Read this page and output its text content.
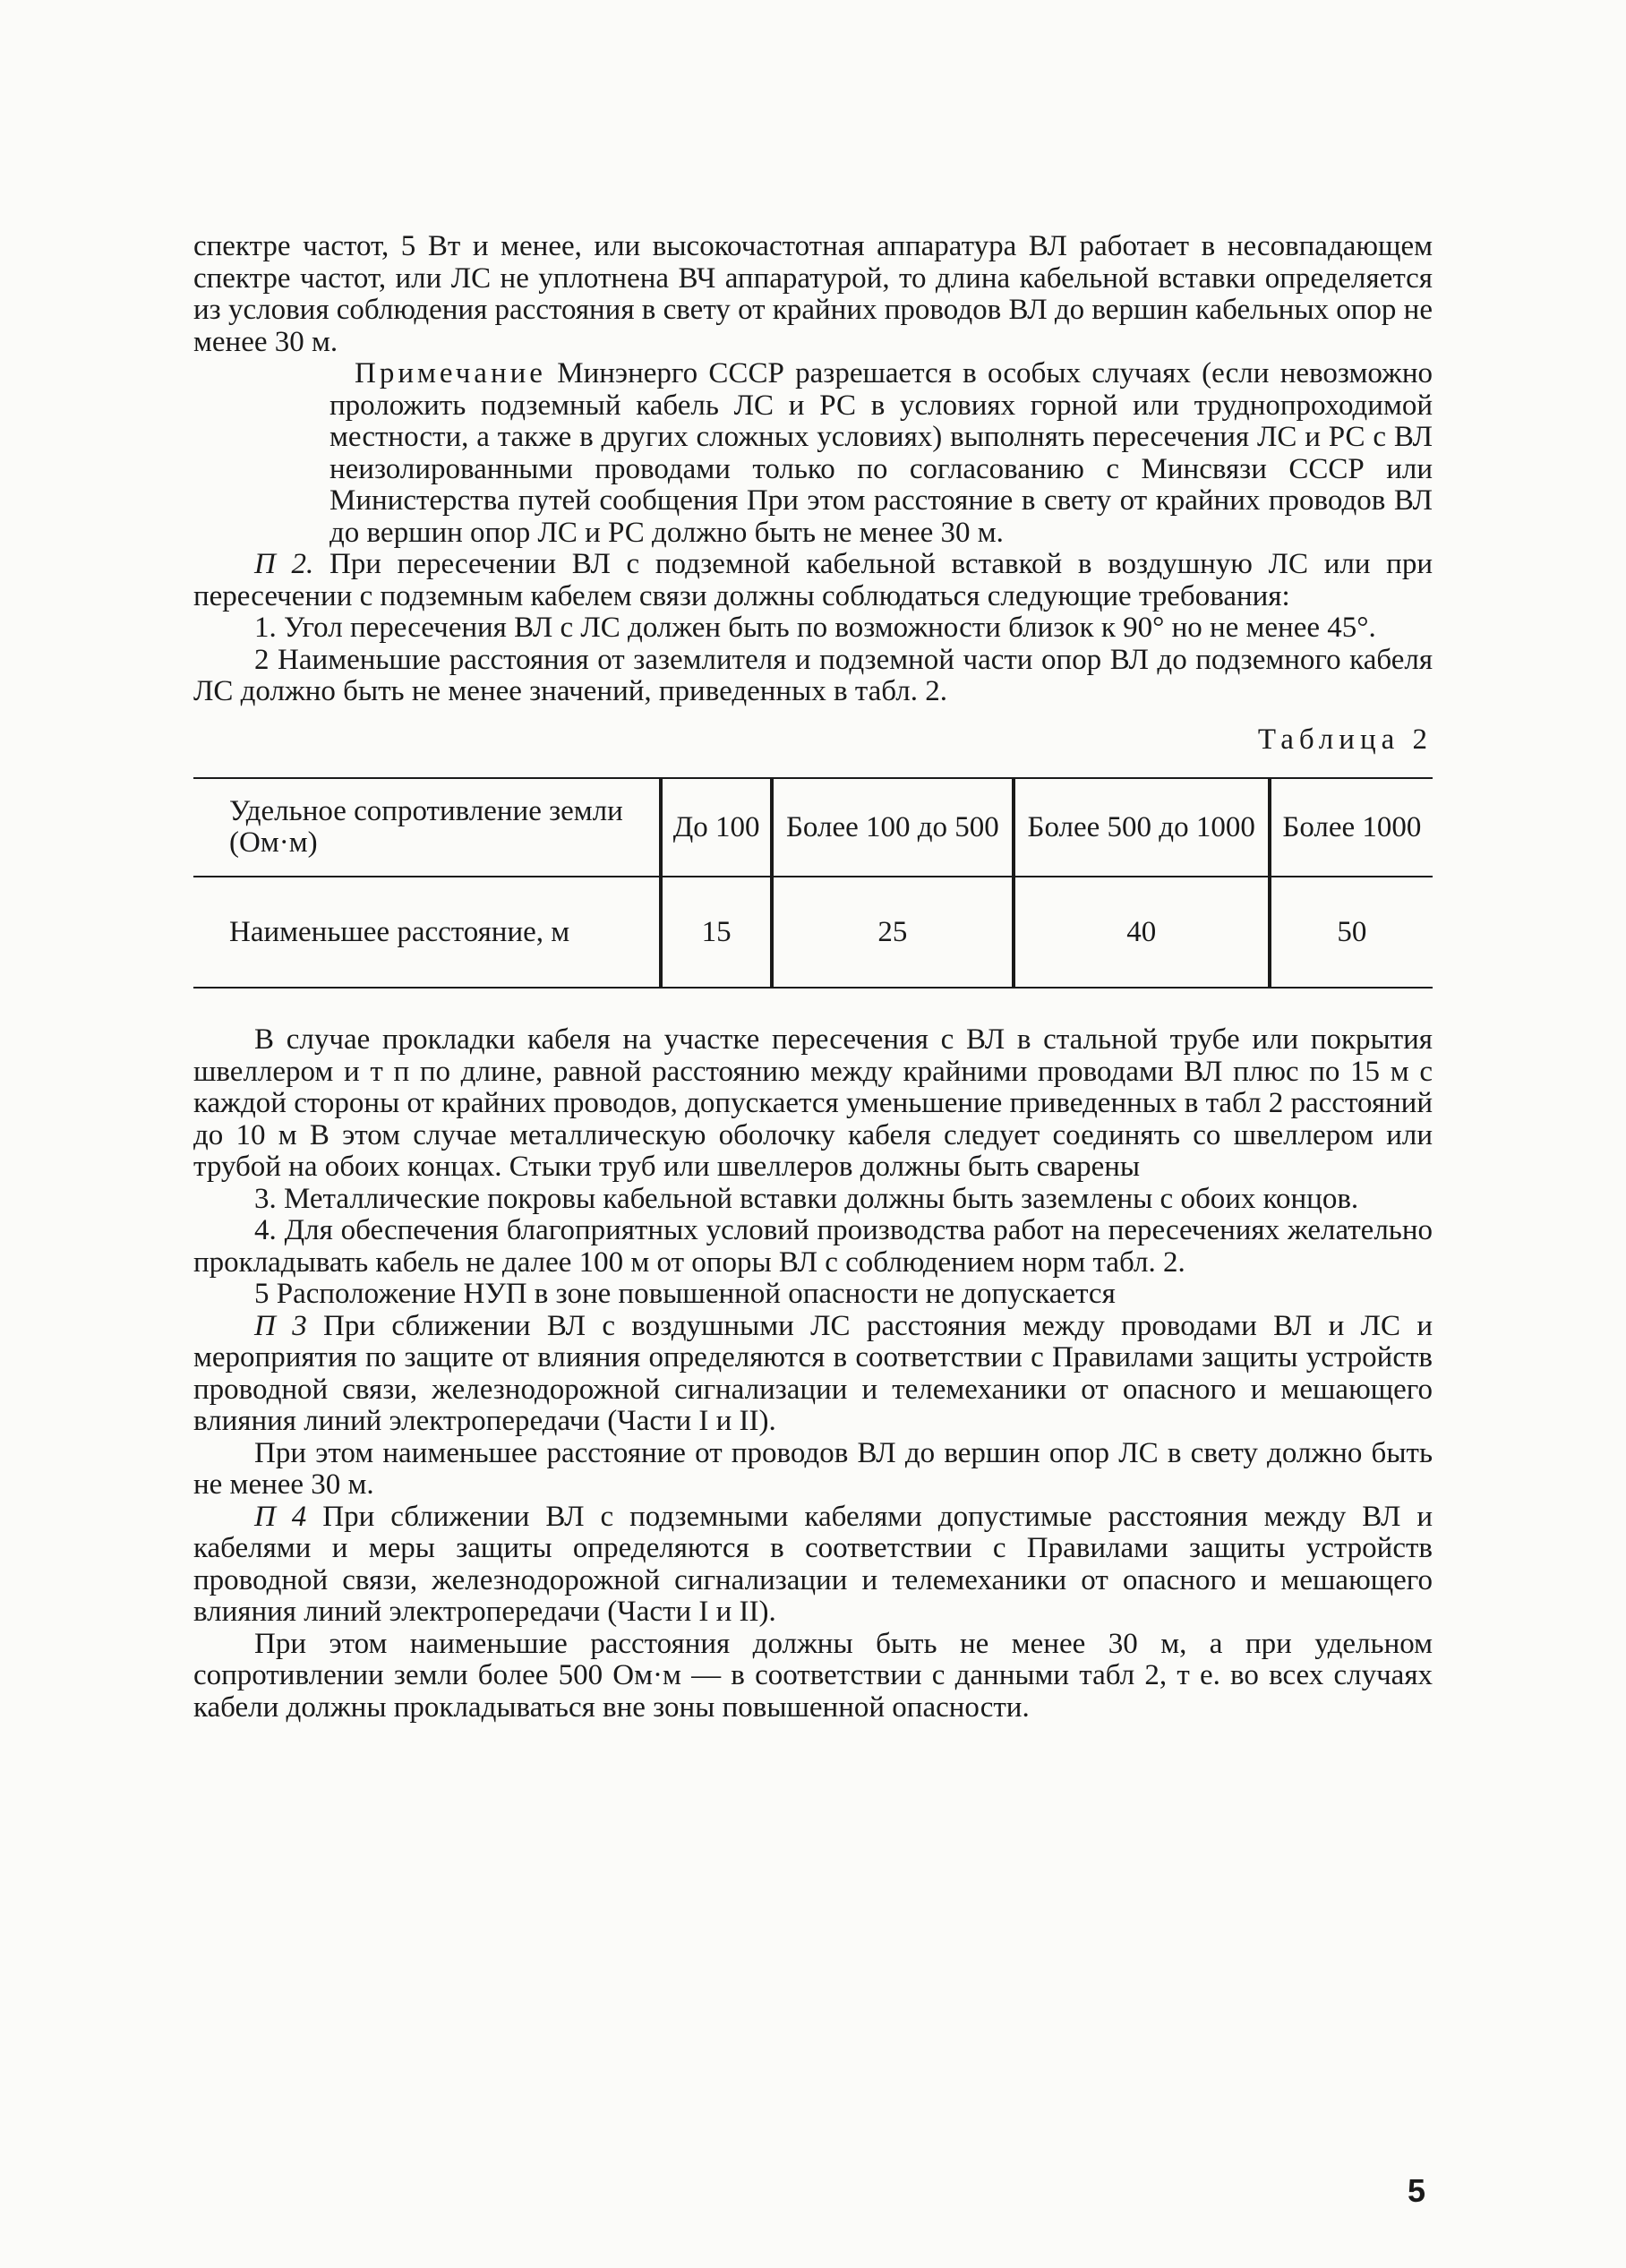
спектре частот, 5 Вт и менее, или высокочастотная аппаратура ВЛ работает в несовпадающем спектре частот, или ЛС не уплотнена ВЧ аппаратурой, то длина кабельной вставки определяется из условия соблюдения расстояния в свету от крайних проводов ВЛ до вершин кабельных опор не менее 30 м.

Примечание Минэнерго СССР разрешается в особых случаях (если невозможно проложить подземный кабель ЛС и РС в условиях горной или труднопроходимой местности, а также в других сложных условиях) выполнять пересечения ЛС и РС с ВЛ неизолированными проводами только по согласованию с Минсвязи СССР или Министерства путей сообщения При этом расстояние в свету от крайних проводов ВЛ до вершин опор ЛС и РС должно быть не менее 30 м.

П 2. При пересечении ВЛ с подземной кабельной вставкой в воздушную ЛС или при пересечении с подземным кабелем связи должны соблюдаться следующие требования:

1. Угол пересечения ВЛ с ЛС должен быть по возможности близок к 90° но не менее 45°.

2 Наименьшие расстояния от заземлителя и подземной части опор ВЛ до подземного кабеля ЛС должно быть не менее значений, приведенных в табл. 2.

Таблица 2
Удельное сопротивление земли (Ом·м)	До 100	Более 100 до 500	Более 500 до 1000	Более 1000
Наименьшее расстояние, м	15	25	40	50

В случае прокладки кабеля на участке пересечения с ВЛ в стальной трубе или покрытия швеллером и т п по длине, равной расстоянию между крайними проводами ВЛ плюс по 15 м с каждой стороны от крайних проводов, допускается уменьшение приведенных в табл 2 расстояний до 10 м В этом случае металлическую оболочку кабеля следует соединять со швеллером или трубой на обоих концах. Стыки труб или швеллеров должны быть сварены

3. Металлические покровы кабельной вставки должны быть заземлены с обоих концов.

4. Для обеспечения благоприятных условий производства работ на пересечениях желательно прокладывать кабель не далее 100 м от опоры ВЛ с соблюдением норм табл. 2.

5 Расположение НУП в зоне повышенной опасности не допускается

П 3 При сближении ВЛ с воздушными ЛС расстояния между проводами ВЛ и ЛС и мероприятия по защите от влияния определяются в соответствии с Правилами защиты устройств проводной связи, железнодорожной сигнализации и телемеханики от опасного и мешающего влияния линий электропередачи (Части I и II).

При этом наименьшее расстояние от проводов ВЛ до вершин опор ЛС в свету должно быть не менее 30 м.

П 4 При сближении ВЛ с подземными кабелями допустимые расстояния между ВЛ и кабелями и меры защиты определяются в соответствии с Правилами защиты устройств проводной связи, железнодорожной сигнализации и телемеханики от опасного и мешающего влияния линий электропередачи (Части I и II).

При этом наименьшие расстояния должны быть не менее 30 м, а при удельном сопротивлении земли более 500 Ом·м — в соответствии с данными табл 2, т е. во всех случаях кабели должны прокладываться вне зоны повышенной опасности.

5
